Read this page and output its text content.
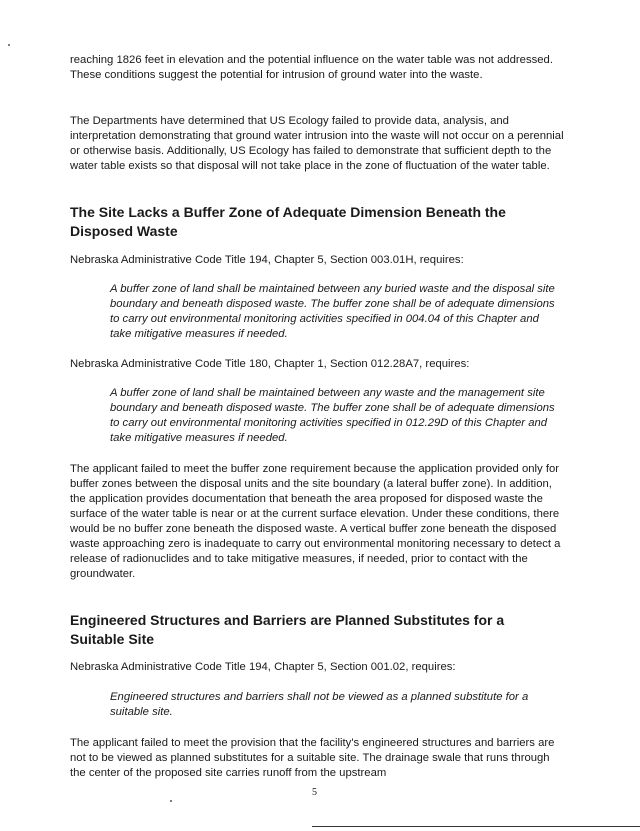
reaching 1826 feet in elevation and the potential influence on the water table was not addressed. These conditions suggest the potential for intrusion of ground water into the waste.

The Departments have determined that US Ecology failed to provide data, analysis, and interpretation demonstrating that ground water intrusion into the waste will not occur on a perennial or otherwise basis. Additionally, US Ecology has failed to demonstrate that sufficient depth to the water table exists so that disposal will not take place in the zone of fluctuation of the water table.

The Site Lacks a Buffer Zone of Adequate Dimension Beneath the Disposed Waste

Nebraska Administrative Code Title 194, Chapter 5, Section 003.01H, requires:

A buffer zone of land shall be maintained between any buried waste and the disposal site boundary and beneath disposed waste. The buffer zone shall be of adequate dimensions to carry out environmental monitoring activities specified in 004.04 of this Chapter and take mitigative measures if needed.

Nebraska Administrative Code Title 180, Chapter 1, Section 012.28A7, requires:

A buffer zone of land shall be maintained between any waste and the management site boundary and beneath disposed waste. The buffer zone shall be of adequate dimensions to carry out environmental monitoring activities specified in 012.29D of this Chapter and take mitigative measures if needed.

The applicant failed to meet the buffer zone requirement because the application provided only for buffer zones between the disposal units and the site boundary (a lateral buffer zone). In addition, the application provides documentation that beneath the area proposed for disposed waste the surface of the water table is near or at the current surface elevation. Under these conditions, there would be no buffer zone beneath the disposed waste. A vertical buffer zone beneath the disposed waste approaching zero is inadequate to carry out environmental monitoring necessary to detect a release of radionuclides and to take mitigative measures, if needed, prior to contact with the groundwater.

Engineered Structures and Barriers are Planned Substitutes for a Suitable Site

Nebraska Administrative Code Title 194, Chapter 5, Section 001.02, requires:

Engineered structures and barriers shall not be viewed as a planned substitute for a suitable site.

The applicant failed to meet the provision that the facility's engineered structures and barriers are not to be viewed as planned substitutes for a suitable site. The drainage swale that runs through the center of the proposed site carries runoff from the upstream

5
